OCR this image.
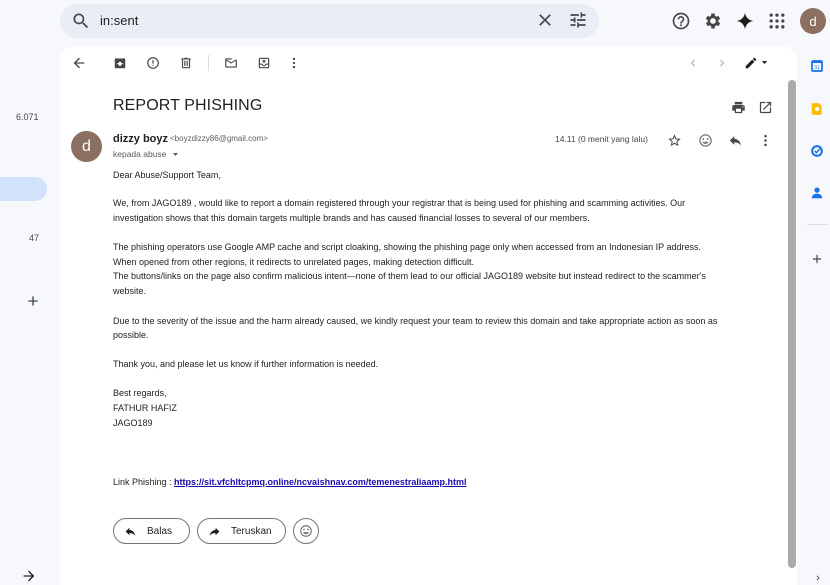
in:sent	d
6.071
47
REPORT PHISHING
d	dizzy boyz <boyzdizzy86@gmail.com>
kepada abuse
14.11 (0 menit yang lalu)
Dear Abuse/Support Team,
We, from JAGO189 , would like to report a domain registered through your registrar that is being used for phishing and scamming activities. Our
investigation shows that this domain targets multiple brands and has caused financial losses to several of our members.
The phishing operators use Google AMP cache and script cloaking, showing the phishing page only when accessed from an Indonesian IP address.
When opened from other regions, it redirects to unrelated pages, making detection difficult.
The buttons/links on the page also confirm malicious intent—none of them lead to our official JAGO189 website but instead redirect to the scammer's
website.
Due to the severity of the issue and the harm already caused, we kindly request your team to review this domain and take appropriate action as soon as
possible.
Thank you, and please let us know if further information is needed.
Best regards,
FATHUR HAFIZ
JAGO189
Link Phishing : https://sit.vfchltcpmq.online/ncvaishnav.com/temenestraliaamp.html
Balas	Teruskan
31
